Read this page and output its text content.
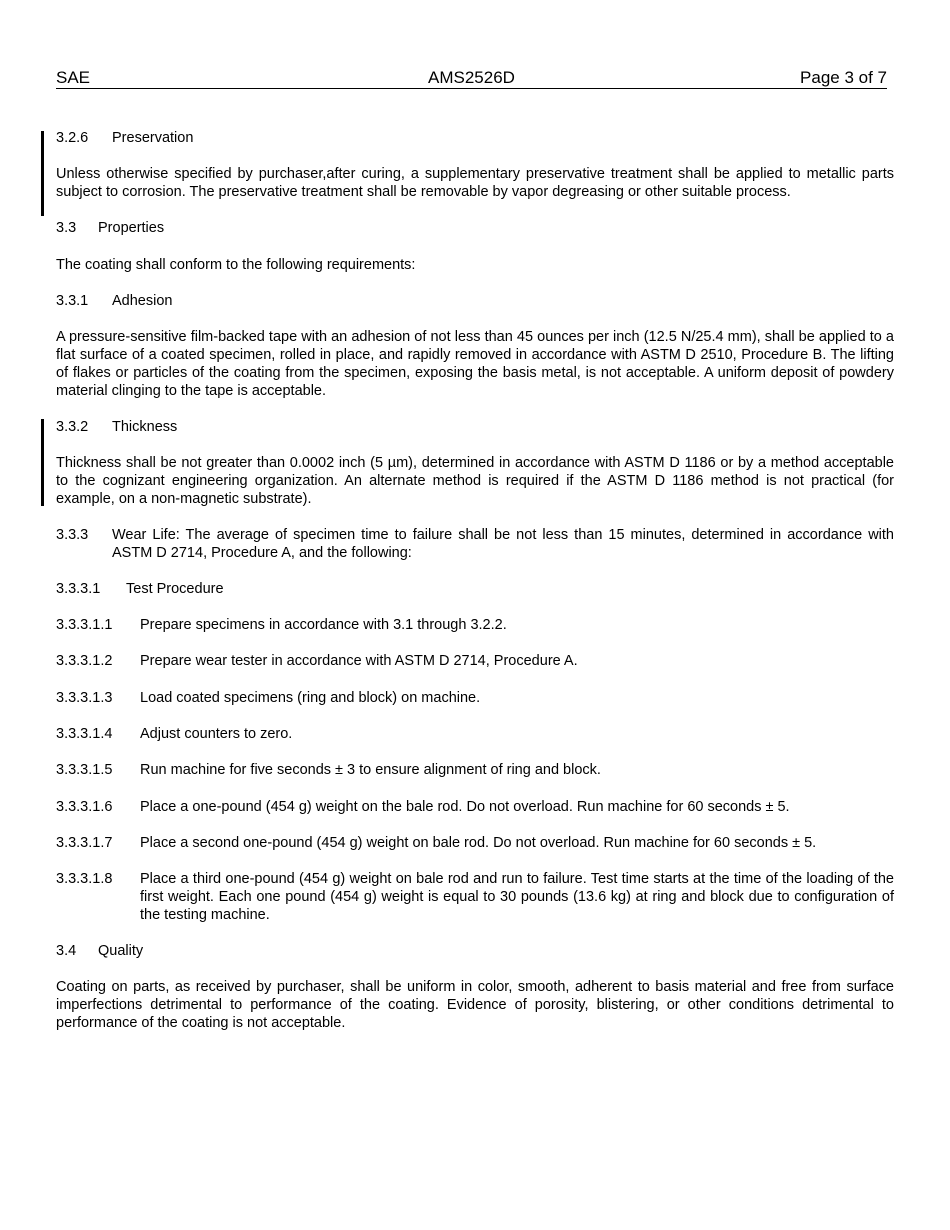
SAE	AMS2526D	Page 3 of 7
3.2.6 Preservation
Unless otherwise specified by purchaser,after curing, a supplementary preservative treatment shall be applied to metallic parts subject to corrosion. The preservative treatment shall be removable by vapor degreasing or other suitable process.
3.3 Properties
The coating shall conform to the following requirements:
3.3.1 Adhesion
A pressure-sensitive film-backed tape with an adhesion of not less than 45 ounces per inch (12.5 N/25.4 mm), shall be applied to a flat surface of a coated specimen, rolled in place, and rapidly removed in accordance with ASTM D 2510, Procedure B. The lifting of flakes or particles of the coating from the specimen, exposing the basis metal, is not acceptable. A uniform deposit of powdery material clinging to the tape is acceptable.
3.3.2 Thickness
Thickness shall be not greater than 0.0002 inch (5 µm), determined in accordance with ASTM D 1186 or by a method acceptable to the cognizant engineering organization. An alternate method is required if the ASTM D 1186 method is not practical (for example, on a non-magnetic substrate).
3.3.3 Wear Life: The average of specimen time to failure shall be not less than 15 minutes, determined in accordance with ASTM D 2714, Procedure A, and the following:
3.3.3.1 Test Procedure
3.3.3.1.1 Prepare specimens in accordance with 3.1 through 3.2.2.
3.3.3.1.2 Prepare wear tester in accordance with ASTM D 2714, Procedure A.
3.3.3.1.3 Load coated specimens (ring and block) on machine.
3.3.3.1.4 Adjust counters to zero.
3.3.3.1.5 Run machine for five seconds ± 3 to ensure alignment of ring and block.
3.3.3.1.6 Place a one-pound (454 g) weight on the bale rod. Do not overload. Run machine for 60 seconds ± 5.
3.3.3.1.7 Place a second one-pound (454 g) weight on bale rod. Do not overload. Run machine for 60 seconds ± 5.
3.3.3.1.8 Place a third one-pound (454 g) weight on bale rod and run to failure. Test time starts at the time of the loading of the first weight. Each one pound (454 g) weight is equal to 30 pounds (13.6 kg) at ring and block due to configuration of the testing machine.
3.4 Quality
Coating on parts, as received by purchaser, shall be uniform in color, smooth, adherent to basis material and free from surface imperfections detrimental to performance of the coating. Evidence of porosity, blistering, or other conditions detrimental to performance of the coating is not acceptable.
